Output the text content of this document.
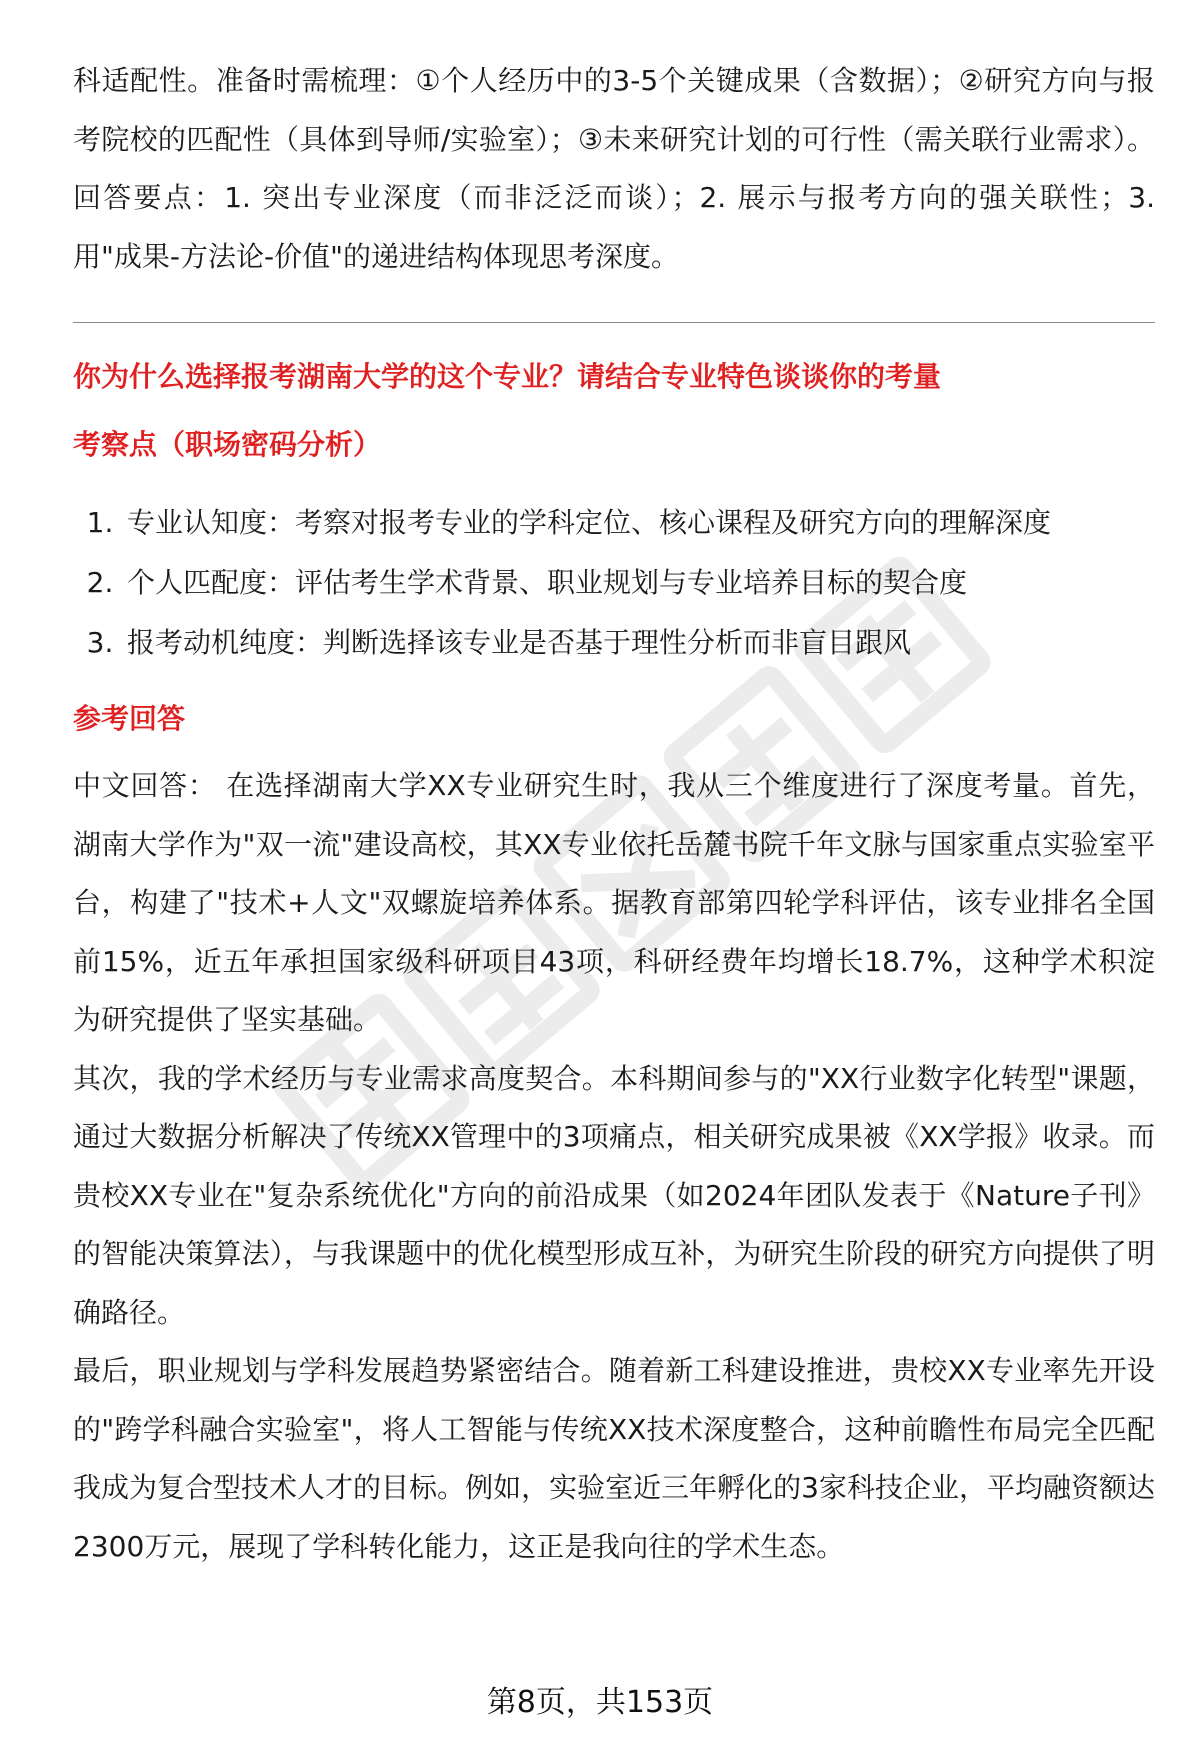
科适配性。准备时需梳理：①个人经历中的3-5个关键成果（含数据）；②研究方向与报考院校的匹配性（具体到导师/实验室）；③未来研究计划的可行性（需关联行业需求）。回答要点：1. 突出专业深度（而非泛泛而谈）；2. 展示与报考方向的强关联性；3. 用"成果-方法论-价值"的递进结构体现思考深度。

你为什么选择报考湖南大学的这个专业？请结合专业特色谈谈你的考量
考察点（职场密码分析）
1. 专业认知度：考察对报考专业的学科定位、核心课程及研究方向的理解深度
2. 个人匹配度：评估考生学术背景、职业规划与专业培养目标的契合度
3. 报考动机纯度：判断选择该专业是否基于理性分析而非盲目跟风
参考回答

中文回答： 在选择湖南大学XX专业研究生时，我从三个维度进行了深度考量。首先，湖南大学作为"双一流"建设高校，其XX专业依托岳麓书院千年文脉与国家重点实验室平台，构建了"技术+人文"双螺旋培养体系。据教育部第四轮学科评估，该专业排名全国前15%，近五年承担国家级科研项目43项，科研经费年均增长18.7%，这种学术积淀为研究提供了坚实基础。

其次，我的学术经历与专业需求高度契合。本科期间参与的"XX行业数字化转型"课题，通过大数据分析解决了传统XX管理中的3项痛点，相关研究成果被《XX学报》收录。而贵校XX专业在"复杂系统优化"方向的前沿成果（如2024年团队发表于《Nature子刊》的智能决策算法），与我课题中的优化模型形成互补，为研究生阶段的研究方向提供了明确路径。

最后，职业规划与学科发展趋势紧密结合。随着新工科建设推进，贵校XX专业率先开设的"跨学科融合实验室"，将人工智能与传统XX技术深度整合，这种前瞻性布局完全匹配我成为复合型技术人才的目标。例如，实验室近三年孵化的3家科技企业，平均融资额达2300万元，展现了学科转化能力，这正是我向往的学术生态。

第8页，共153页
